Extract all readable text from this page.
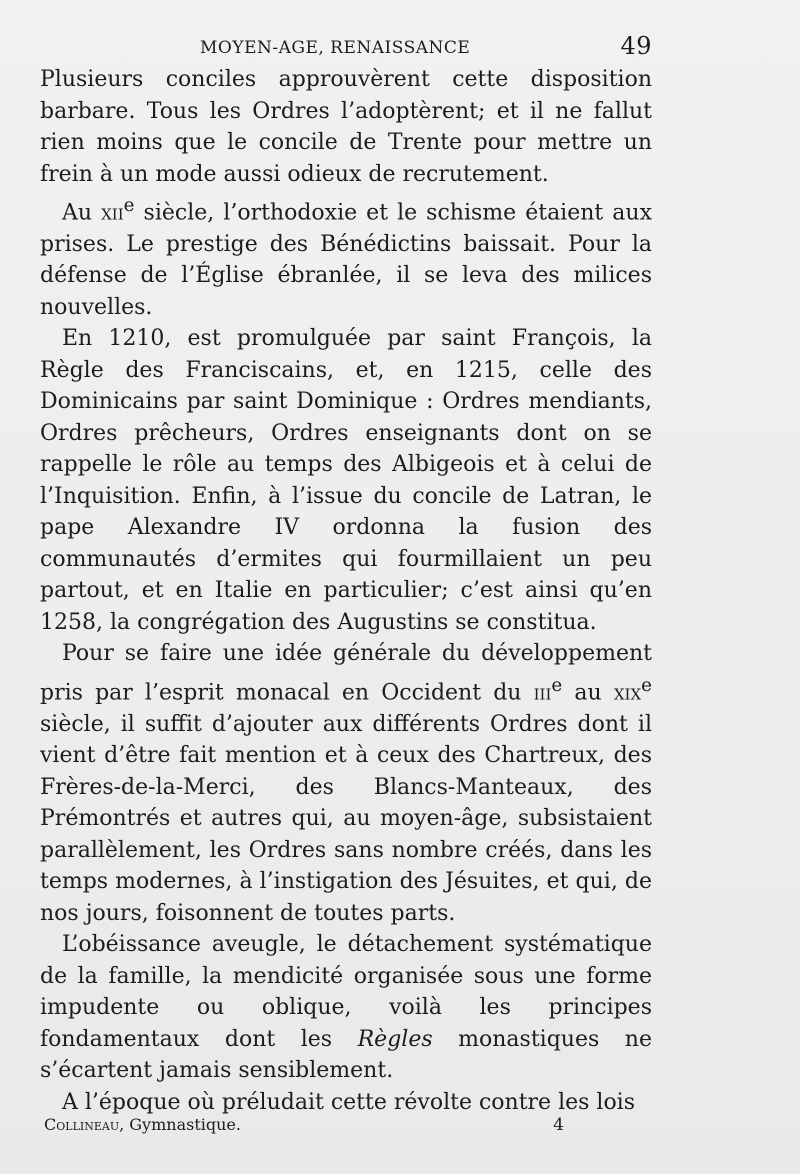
MOYEN-AGE, RENAISSANCE	49

Plusieurs conciles approuvèrent cette disposition barbare. Tous les Ordres l’adoptèrent; et il ne fallut rien moins que le concile de Trente pour mettre un frein à un mode aussi odieux de recrutement.

Au xii$^e$ siècle, l’orthodoxie et le schisme étaient aux prises. Le prestige des Bénédictins baissait. Pour la défense de l’Église ébranlée, il se leva des milices nouvelles.

En 1210, est promulguée par saint François, la Règle des Franciscains, et, en 1215, celle des Dominicains par saint Dominique : Ordres mendiants, Ordres prêcheurs, Ordres enseignants dont on se rappelle le rôle au temps des Albigeois et à celui de l’Inquisition. Enfin, à l’issue du concile de Latran, le pape Alexandre IV ordonna la fusion des communautés d’ermites qui fourmillaient un peu partout, et en Italie en particulier; c’est ainsi qu’en 1258, la congrégation des Augustins se constitua.

Pour se faire une idée générale du développement pris par l’esprit monacal en Occident du iii$^e$ au xix$^e$ siècle, il suffit d’ajouter aux différents Ordres dont il vient d’être fait mention et à ceux des Chartreux, des Frères-de-la-Merci, des Blancs-Manteaux, des Prémontrés et autres qui, au moyen-âge, subsistaient parallèlement, les Ordres sans nombre créés, dans les temps modernes, à l’instigation des Jésuites, et qui, de nos jours, foisonnent de toutes parts.

L’obéissance aveugle, le détachement systématique de la famille, la mendicité organisée sous une forme impudente ou oblique, voilà les principes fondamentaux dont les Règles monastiques ne s’écartent jamais sensiblement.

A l’époque où préludait cette révolte contre les lois

Collineau, Gymnastique.	4
